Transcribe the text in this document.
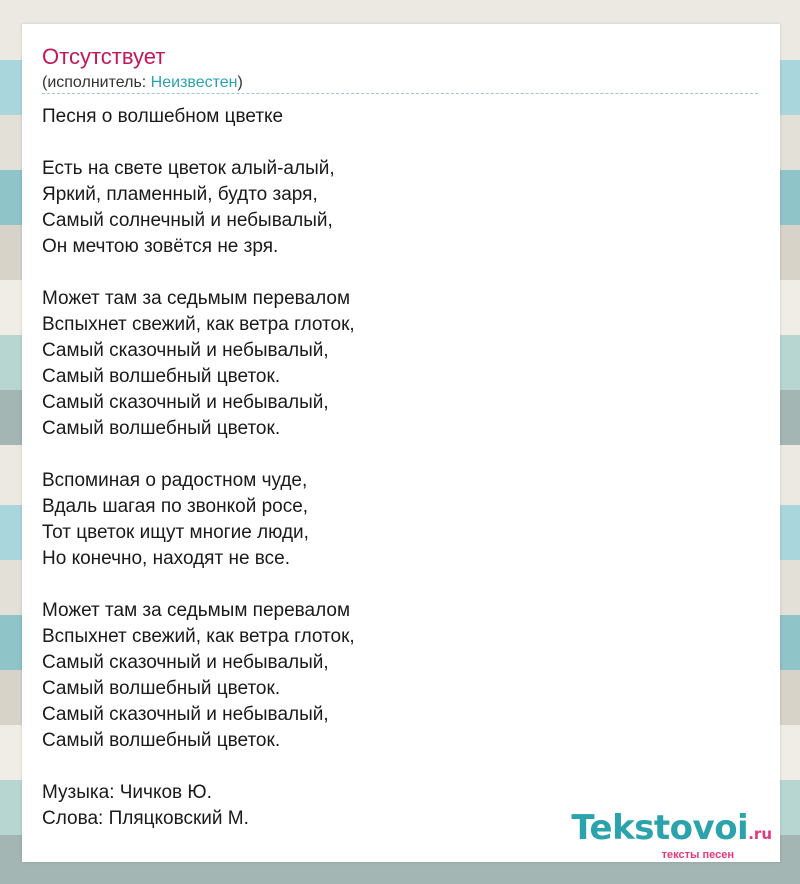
Отсутствует
(исполнитель: Неизвестен)
Песня о волшебном цветке
Есть на свете цветок алый-алый,
Яркий, пламенный, будто заря,
Самый солнечный и небывалый,
Он мечтою зовётся не зря.
Может там за седьмым перевалом
Вспыхнет свежий, как ветра глоток,
Самый сказочный и небывалый,
Самый волшебный цветок.
Самый сказочный и небывалый,
Самый волшебный цветок.
Вспоминая о радостном чуде,
Вдаль шагая по звонкой росе,
Тот цветок ищут многие люди,
Но конечно, находят не все.
Может там за седьмым перевалом
Вспыхнет свежий, как ветра глоток,
Самый сказочный и небывалый,
Самый волшебный цветок.
Самый сказочный и небывалый,
Самый волшебный цветок.
Музыка: Чичков Ю.
Слова: Пляцковский М.	Tekstovoi.ru
тексты песен
